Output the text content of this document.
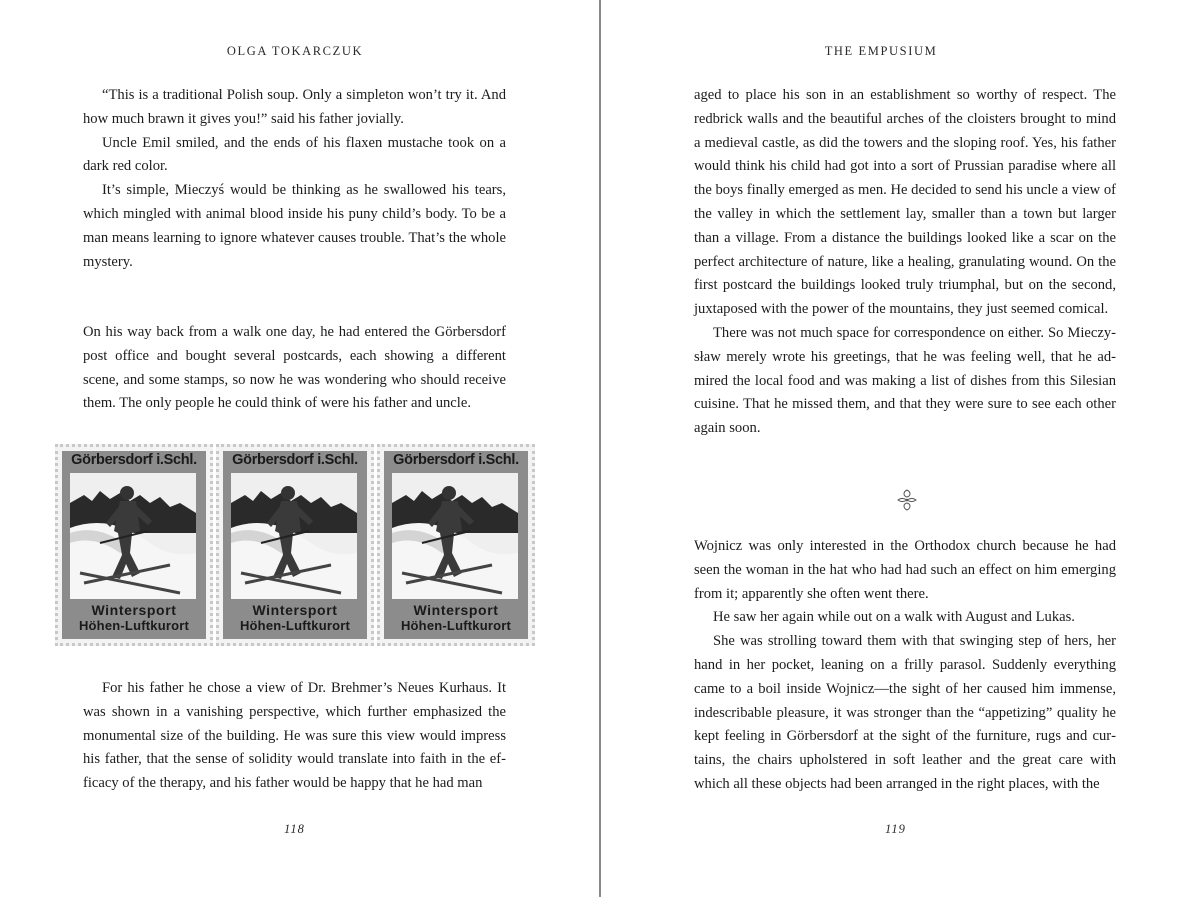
OLGA TOKARCZUK

“This is a traditional Polish soup. Only a simpleton won’t try it. And how much brawn it gives you!” said his father jovially.

Uncle Emil smiled, and the ends of his flaxen mustache took on a dark red color.

It’s simple, Mieczyś would be thinking as he swallowed his tears, which mingled with animal blood inside his puny child’s body. To be a man means learning to ignore whatever causes trouble. That’s the whole mystery.

On his way back from a walk one day, he had entered the Görbersdorf post office and bought several postcards, each showing a different scene, and some stamps, so now he was wondering who should receive them. The only people he could think of were his father and uncle.

Görbersdorf i.Schl.
Wintersport
Höhen-Luftkurort
Görbersdorf i.Schl.
Wintersport
Höhen-Luftkurort
Görbersdorf i.Schl.
Wintersport
Höhen-Luftkurort

For his father he chose a view of Dr. Brehmer’s Neues Kurhaus. It was shown in a vanishing perspective, which further emphasized the monumental size of the building. He was sure this view would impress his father, that the sense of solidity would translate into faith in the efficacy of the therapy, and his father would be happy that he had man

118
THE EMPUSIUM

aged to place his son in an establishment so worthy of respect. The redbrick walls and the beautiful arches of the cloisters brought to mind a medieval castle, as did the towers and the sloping roof. Yes, his father would think his child had got into a sort of Prussian paradise where all the boys finally emerged as men. He decided to send his uncle a view of the valley in which the settlement lay, smaller than a town but larger than a village. From a distance the buildings looked like a scar on the perfect architecture of nature, like a healing, granulating wound. On the first postcard the buildings looked truly triumphal, but on the second, juxtaposed with the power of the mountains, they just seemed comical.

There was not much space for correspondence on either. So Mieczysław merely wrote his greetings, that he was feeling well, that he admired the local food and was making a list of dishes from this Silesian cuisine. That he missed them, and that they were sure to see each other again soon.

Wojnicz was only interested in the Orthodox church because he had seen the woman in the hat who had had such an effect on him emerging from it; apparently she often went there.

He saw her again while out on a walk with August and Lukas.

She was strolling toward them with that swinging step of hers, her hand in her pocket, leaning on a frilly parasol. Suddenly everything came to a boil inside Wojnicz—the sight of her caused him immense, indescribable pleasure, it was stronger than the “appetizing” quality he kept feeling in Görbersdorf at the sight of the furniture, rugs and curtains, the chairs upholstered in soft leather and the great care with which all these objects had been arranged in the right places, with the

119
